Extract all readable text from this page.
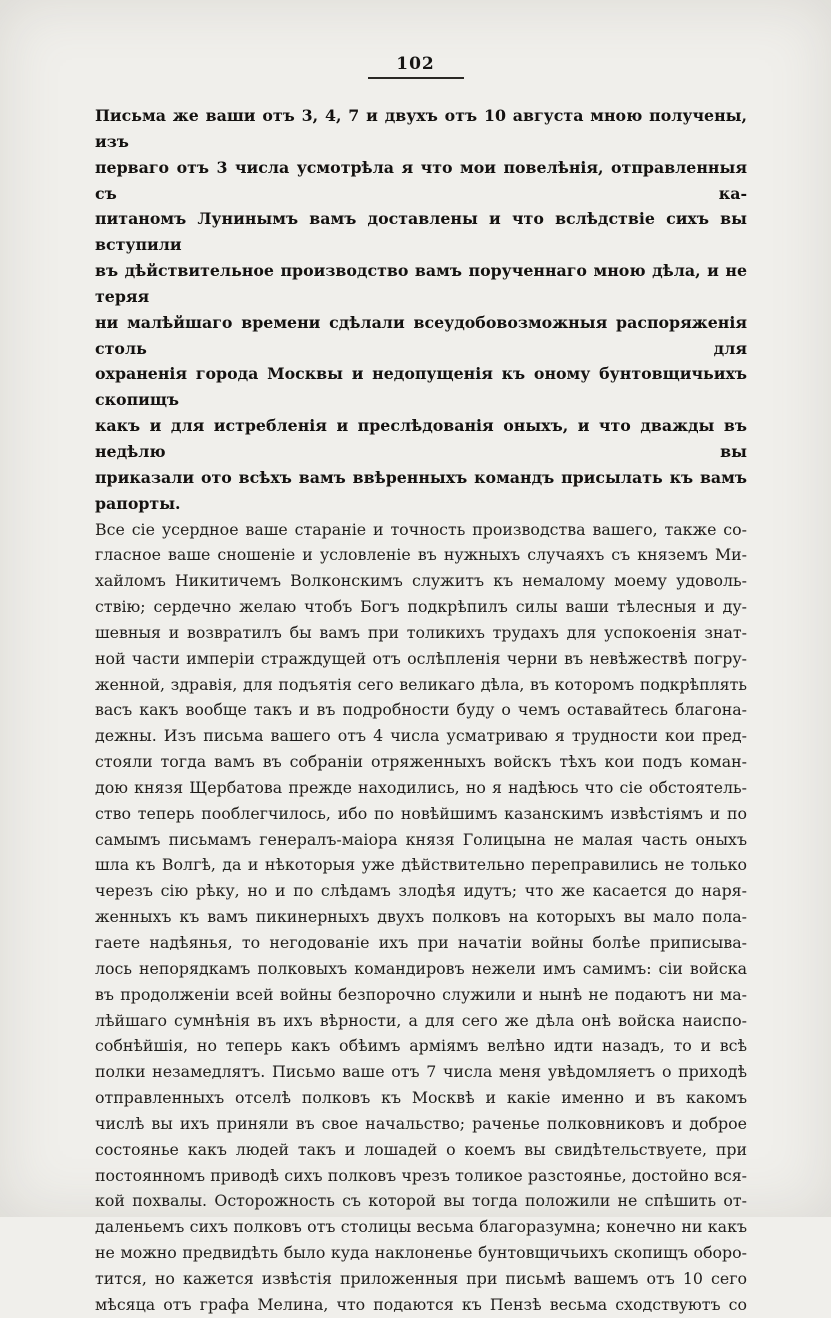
102
Письма же ваши отъ 3, 4, 7 и двухъ отъ 10 августа мною получены, изъ
перваго отъ 3 числа усмотрѣла я что мои повелѣнія, отправленныя съ ка-
питаномъ Лунинымъ вамъ доставлены и что вслѣдствіе сихъ вы вступили
въ дѣйствительное производство вамъ порученнаго мною дѣла, и не теряя
ни малѣйшаго времени сдѣлали всеудобовозможныя распоряженія столь для
охраненія города Москвы и недопущенія къ оному бунтовщичьихъ скопищъ
какъ и для истребленія и преслѣдованія оныхъ, и что дважды въ недѣлю вы
приказали ото всѣхъ вамъ ввѣренныхъ командъ присылать къ вамъ рапорты.
Все сіе усердное ваше стараніе и точность производства вашего, также со-
гласное ваше сношеніе и условленіе въ нужныхъ случаяхъ съ княземъ Ми-
хайломъ Никитичемъ Волконскимъ служитъ къ немалому моему удоволь-
ствію; сердечно желаю чтобъ Богъ подкрѣпилъ силы ваши тѣлесныя и ду-
шевныя и возвратилъ бы вамъ при толикихъ трудахъ для успокоенія знат-
ной части имперіи страждущей отъ ослѣпленія черни въ невѣжествѣ погру-
женной, здравія, для подъятія сего великаго дѣла, въ которомъ подкрѣплять
васъ какъ вообще такъ и въ подробности буду о чемъ оставайтесь благона-
дежны. Изъ письма вашего отъ 4 числа усматриваю я трудности кои пред-
стояли тогда вамъ въ собраніи отряженныхъ войскъ тѣхъ кои подъ коман-
дою князя Щербатова прежде находились, но я надѣюсь что сіе обстоятель-
ство теперь пооблегчилось, ибо по новѣйшимъ казанскимъ извѣстіямъ и по
самымъ письмамъ генералъ-маіора князя Голицына не малая часть оныхъ
шла къ Волгѣ, да и нѣкоторыя уже дѣйствительно переправились не только
черезъ сію рѣку, но и по слѣдамъ злодѣя идутъ; что же касается до наря-
женныхъ къ вамъ пикинерныхъ двухъ полковъ на которыхъ вы мало пола-
гаете надѣянья, то негодованіе ихъ при начатіи войны болѣе приписыва-
лось непорядкамъ полковыхъ командировъ нежели имъ самимъ: сіи войска
въ продолженіи всей войны безпорочно служили и нынѣ не подаютъ ни ма-
лѣйшаго сумнѣнія въ ихъ вѣрности, а для сего же дѣла онѣ войска наиспо-
собнѣйшія, но теперь какъ обѣимъ арміямъ велѣно идти назадъ, то и всѣ
полки незамедлятъ. Письмо ваше отъ 7 числа меня увѣдомляетъ о приходѣ
отправленныхъ отселѣ полковъ къ Москвѣ и какіе именно и въ какомъ
числѣ вы ихъ приняли въ свое начальство; раченье полковниковъ и доброе
состоянье какъ людей такъ и лошадей о коемъ вы свидѣтельствуете, при
постоянномъ приводѣ сихъ полковъ чрезъ толикое разстоянье, достойно вся-
кой похвалы. Осторожность съ которой вы тогда положили не спѣшить от-
даленьемъ сихъ полковъ отъ столицы весьма благоразумна; конечно ни какъ
не можно предвидѣть было куда наклоненье бунтовщичьихъ скопищъ оборо-
тится, но кажется извѣстія приложенныя при письмѣ вашемъ отъ 10 сего
мѣсяца отъ графа Мелина, что подаются къ Пензѣ весьма сходствуютъ со
